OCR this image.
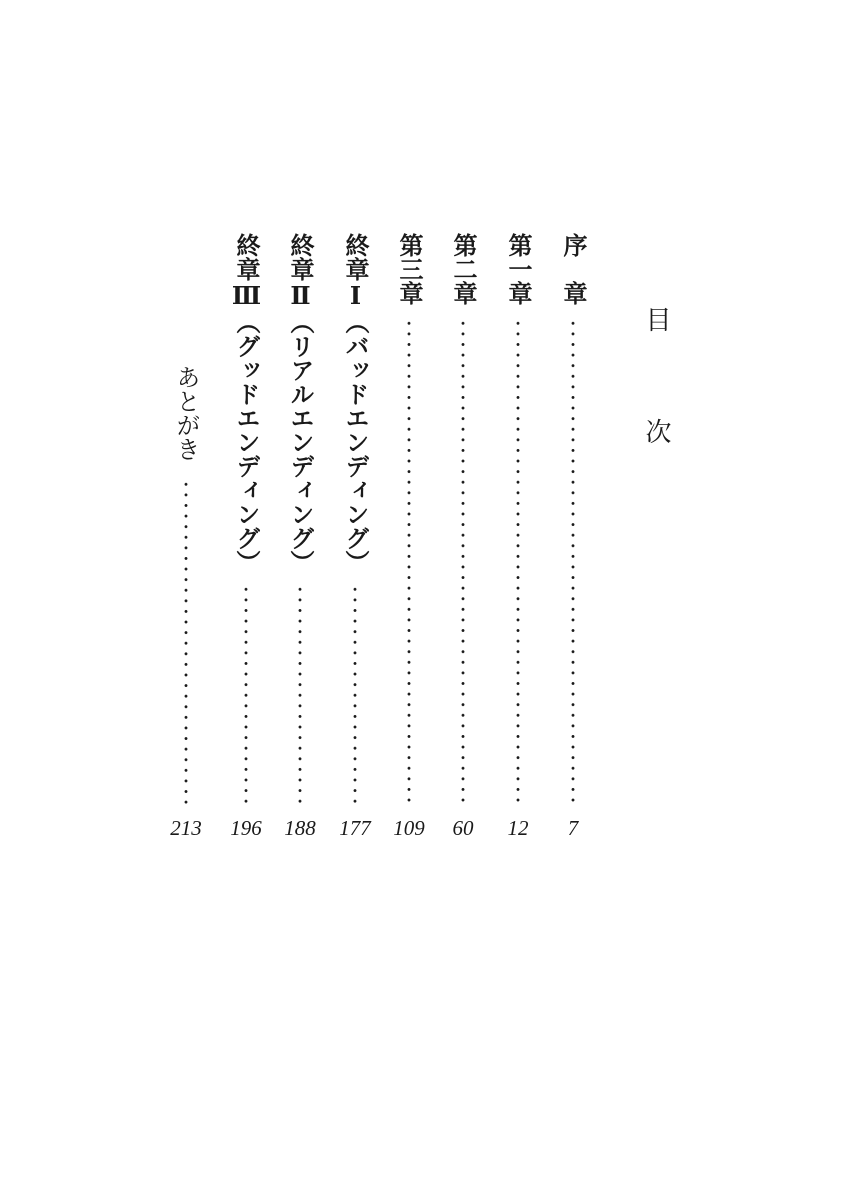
目次
序　章
7
第一章
12
第二章
60
第三章
109
終章Ⅰ（バッドエンディング）
177
終章Ⅱ（リアルエンディング）
188
終章Ⅲ（グッドエンディング）
196
あとがき
213
